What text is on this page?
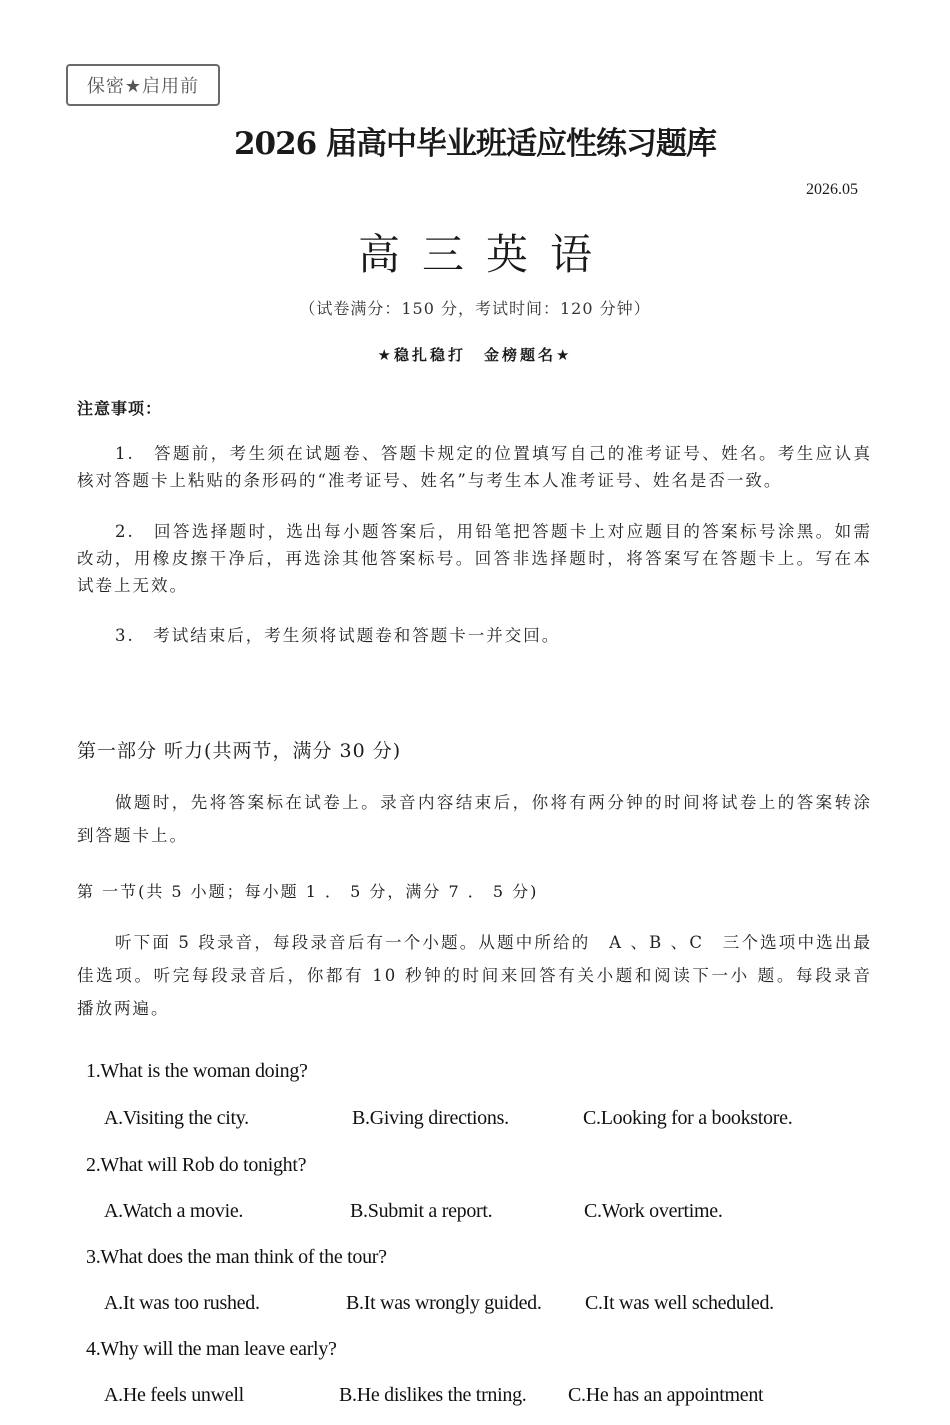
保密★启用前
2026 届高中毕业班适应性练习题库
2026.05
高三英语
（试卷满分：150 分，考试时间：120 分钟）
★稳扎稳打　金榜题名★
注意事项：
1.　答题前，考生须在试题卷、答题卡规定的位置填写自己的准考证号、姓名。考生应认真核对答题卡上粘贴的条形码的“准考证号、姓名”与考生本人准考证号、姓名是否一致。
2.　回答选择题时，选出每小题答案后，用铅笔把答题卡上对应题目的答案标号涂黑。如需改动，用橡皮擦干净后，再选涂其他答案标号。回答非选择题时，将答案写在答题卡上。写在本试卷上无效。
3.　考试结束后，考生须将试题卷和答题卡一并交回。
第一部分 听力(共两节，满分 30 分)
做题时，先将答案标在试卷上。录音内容结束后，你将有两分钟的时间将试卷上的答案转涂到答题卡上。
第 一节(共 5 小题；每小题 1 ． 5 分，满分 7 ． 5 分)
听下面 5 段录音，每段录音后有一个小题。从题中所给的　A 、B 、C　三个选项中选出最　佳选项。听完每段录音后，你都有 10 秒钟的时间来回答有关小题和阅读下一小 题。每段录音　播放两遍。
1.What is the woman doing?
A.Visiting the city.	B.Giving directions.	C.Looking for a bookstore.
2.What will Rob do tonight?
A.Watch a movie.	B.Submit a report.	C.Work overtime.
3.What does the man think of the tour?
A.It was too rushed.	B.It was wrongly guided. C.It was well scheduled.
4.Why will the man leave early?
A.He feels unwell	B.He dislikes the trning. C.He has an appointment
